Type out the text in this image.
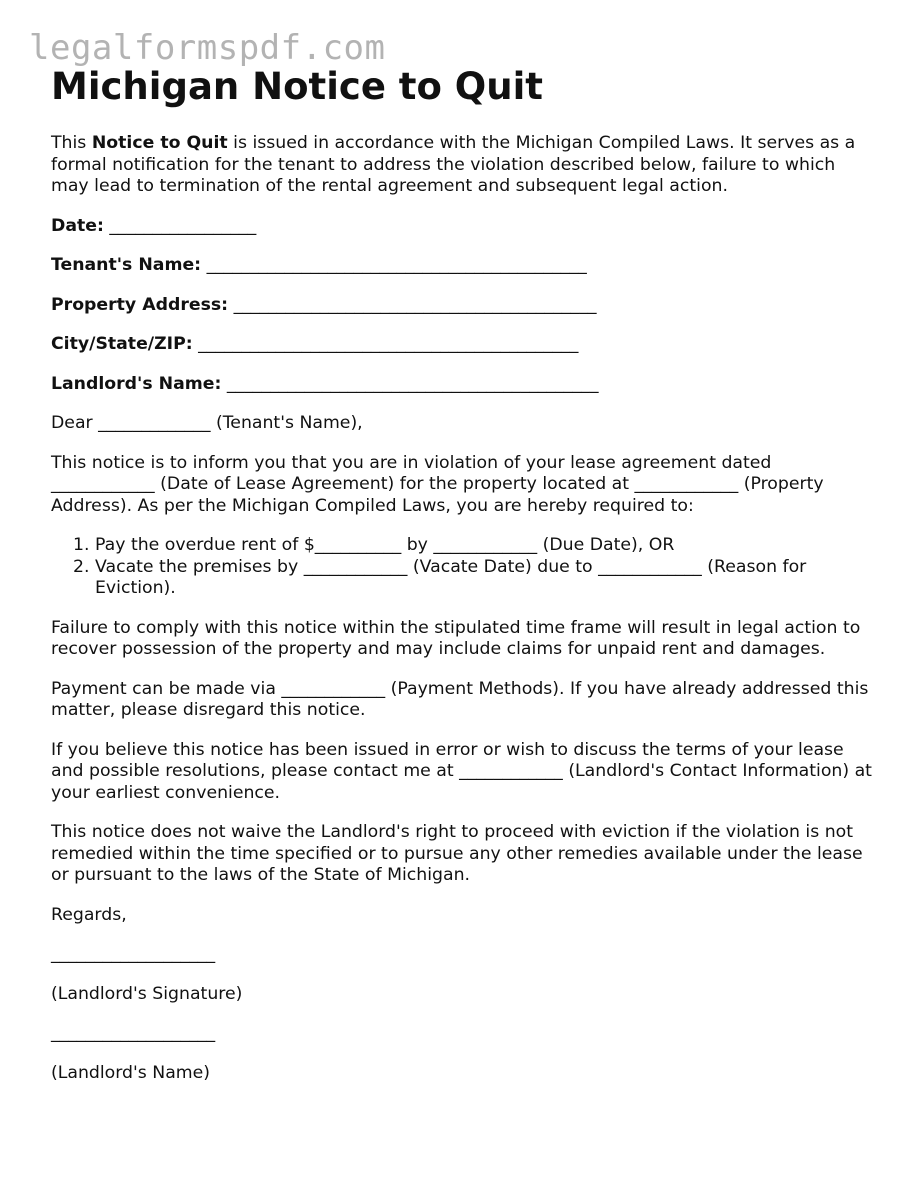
legalformspdf.com
Michigan Notice to Quit

This Notice to Quit is issued in accordance with the Michigan Compiled Laws. It serves as a formal notification for the tenant to address the violation described below, failure to which may lead to termination of the rental agreement and subsequent legal action.

Date: _________________
Tenant's Name: ____________________________________________
Property Address: __________________________________________
City/State/ZIP: ____________________________________________
Landlord's Name: ___________________________________________

Dear _____________ (Tenant's Name),

This notice is to inform you that you are in violation of your lease agreement dated ____________ (Date of Lease Agreement) for the property located at ____________ (Property Address). As per the Michigan Compiled Laws, you are hereby required to:

1. Pay the overdue rent of $__________ by ____________ (Due Date), OR
2. Vacate the premises by ____________ (Vacate Date) due to ____________ (Reason for Eviction).

Failure to comply with this notice within the stipulated time frame will result in legal action to recover possession of the property and may include claims for unpaid rent and damages.

Payment can be made via ____________ (Payment Methods). If you have already addressed this matter, please disregard this notice.

If you believe this notice has been issued in error or wish to discuss the terms of your lease and possible resolutions, please contact me at ____________ (Landlord's Contact Information) at your earliest convenience.

This notice does not waive the Landlord's right to proceed with eviction if the violation is not remedied within the time specified or to pursue any other remedies available under the lease or pursuant to the laws of the State of Michigan.

Regards,

___________________

(Landlord's Signature)

___________________

(Landlord's Name)
